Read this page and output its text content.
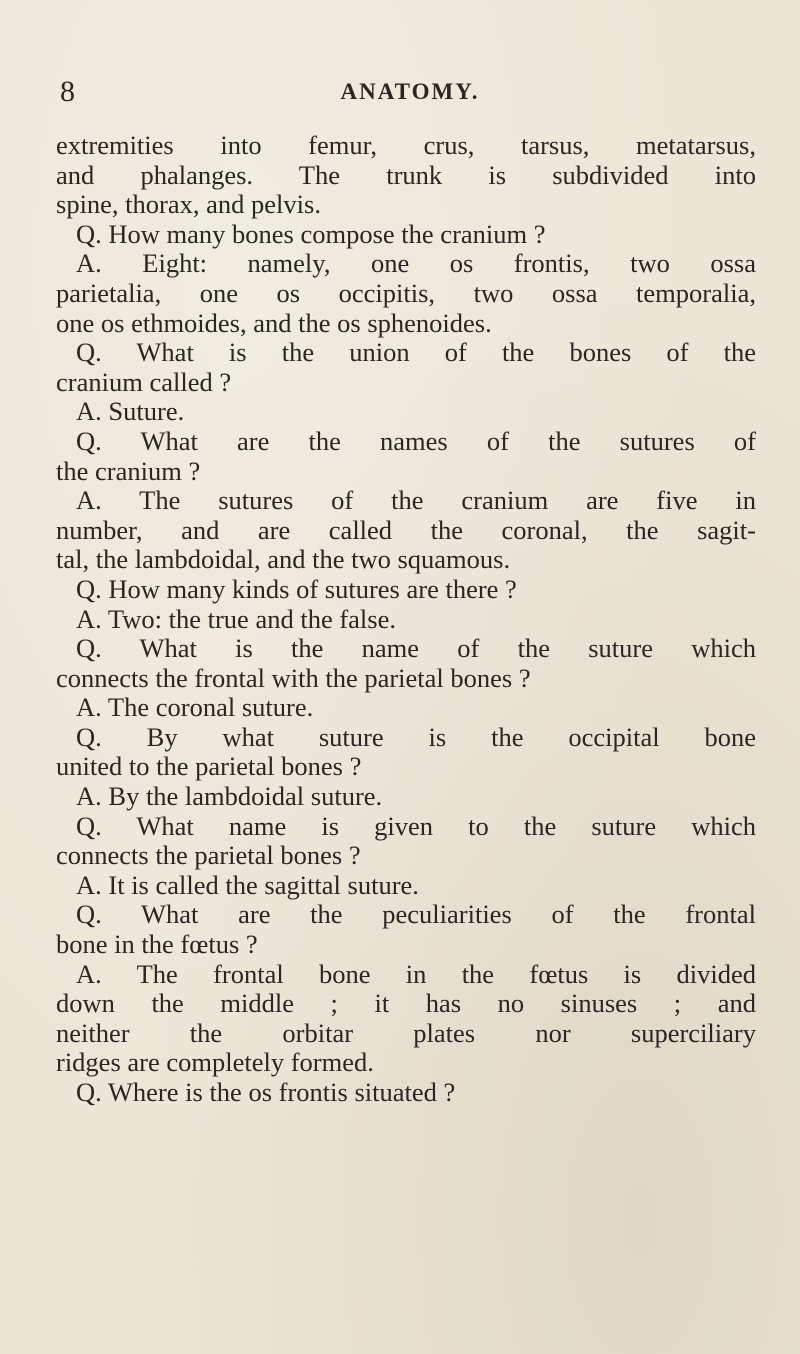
8	ANATOMY.
extremities into femur, crus, tarsus, metatarsus,
and phalanges. The trunk is subdivided into
spine, thorax, and pelvis.
Q. How many bones compose the cranium ?
A. Eight: namely, one os frontis, two ossa
parietalia, one os occipitis, two ossa temporalia,
one os ethmoides, and the os sphenoides.
Q. What is the union of the bones of the
cranium called ?
A. Suture.
Q. What are the names of the sutures of
the cranium ?
A. The sutures of the cranium are five in
number, and are called the coronal, the sagit-
tal, the lambdoidal, and the two squamous.
Q. How many kinds of sutures are there ?
A. Two: the true and the false.
Q. What is the name of the suture which
connects the frontal with the parietal bones ?
A. The coronal suture.
Q. By what suture is the occipital bone
united to the parietal bones ?
A. By the lambdoidal suture.
Q. What name is given to the suture which
connects the parietal bones ?
A. It is called the sagittal suture.
Q. What are the peculiarities of the frontal
bone in the fœtus ?
A. The frontal bone in the fœtus is divided
down the middle ; it has no sinuses ; and
neither the orbitar plates nor superciliary
ridges are completely formed.
Q. Where is the os frontis situated ?
